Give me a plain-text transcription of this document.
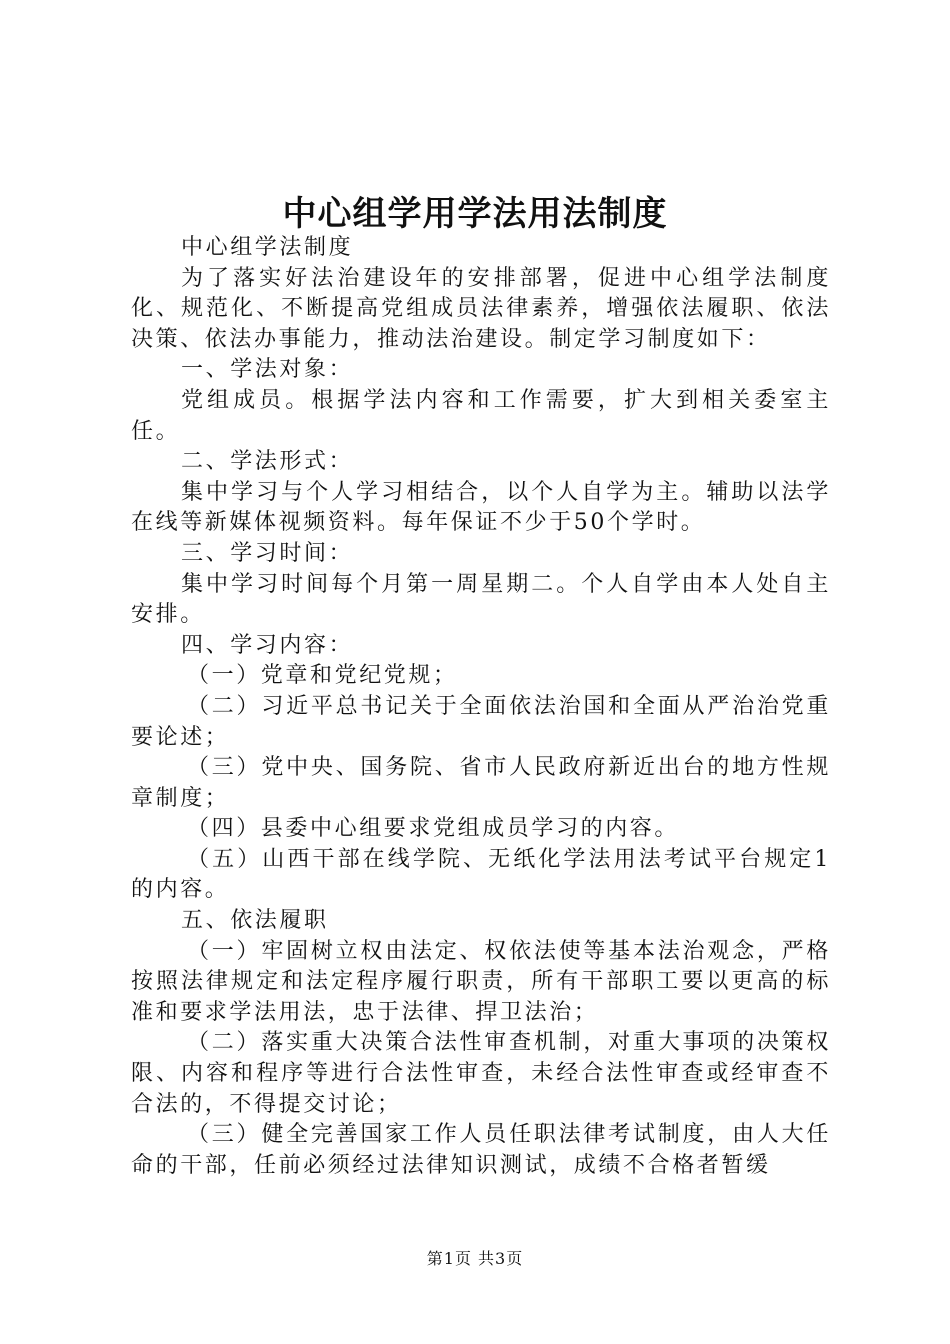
中心组学用学法用法制度

中心组学法制度

为了落实好法治建设年的安排部署，促进中心组学法制度化、规范化、不断提高党组成员法律素养，增强依法履职、依法决策、依法办事能力，推动法治建设。制定学习制度如下：

一、学法对象：

党组成员。根据学法内容和工作需要，扩大到相关委室主任。

二、学法形式：

集中学习与个人学习相结合，以个人自学为主。辅助以法学在线等新媒体视频资料。每年保证不少于50个学时。

三、学习时间：

集中学习时间每个月第一周星期二。个人自学由本人处自主安排。

四、学习内容：

（一）党章和党纪党规；

（二）习近平总书记关于全面依法治国和全面从严治治党重要论述；

（三）党中央、国务院、省市人民政府新近出台的地方性规章制度；

（四）县委中心组要求党组成员学习的内容。

（五）山西干部在线学院、无纸化学法用法考试平台规定1的内容。

五、依法履职

（一）牢固树立权由法定、权依法使等基本法治观念，严格按照法律规定和法定程序履行职责，所有干部职工要以更高的标准和要求学法用法，忠于法律、捍卫法治；

（二）落实重大决策合法性审查机制，对重大事项的决策权限、内容和程序等进行合法性审查，未经合法性审查或经审查不合法的，不得提交讨论；

（三）健全完善国家工作人员任职法律考试制度，由人大任命的干部，任前必须经过法律知识测试，成绩不合格者暂缓

第1页 共3页
